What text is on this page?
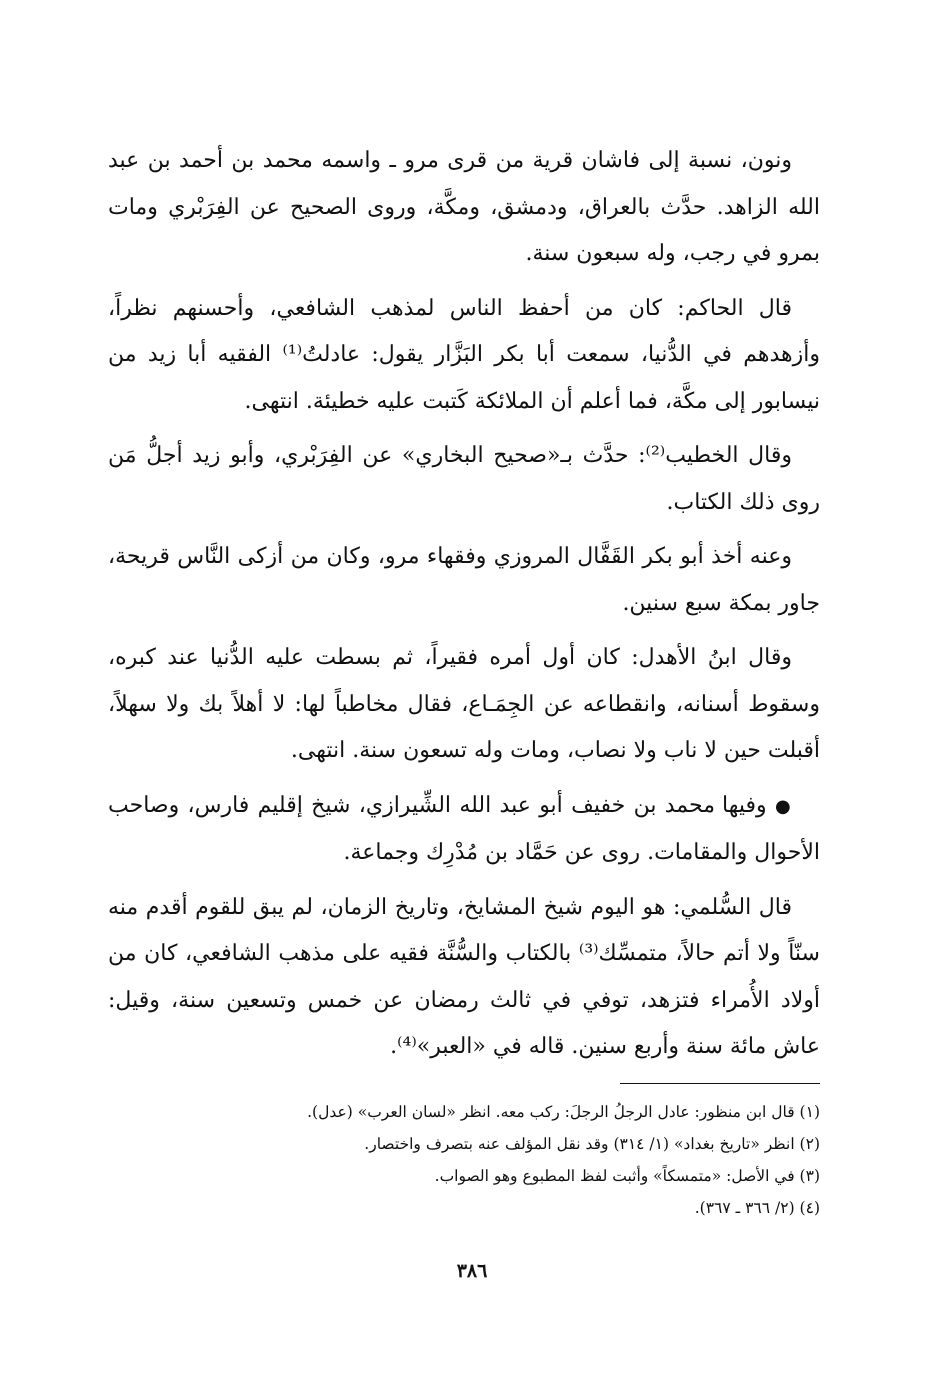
ونون، نسبة إلى فاشان قرية من قرى مرو ـ واسمه محمد بن أحمد بن عبد الله الزاهد. حدَّث بالعراق، ودمشق، ومكَّة، وروى الصحيح عن الفِرَبْري ومات بمرو في رجب، وله سبعون سنة.

قال الحاكم: كان من أحفظ الناس لمذهب الشافعي، وأحسنهم نظراً، وأزهدهم في الدُّنيا، سمعت أبا بكر البَزَّار يقول: عادلتُ⁽¹⁾ الفقيه أبا زيد من نيسابور إلى مكَّة، فما أعلم أن الملائكة كَتبت عليه خطيئة. انتهى.

وقال الخطيب⁽²⁾: حدَّث بـ«صحيح البخاري» عن الفِرَبْري، وأبو زيد أجلُّ مَن روى ذلك الكتاب.

وعنه أخذ أبو بكر القَفَّال المروزي وفقهاء مرو، وكان من أزكى النَّاس قريحة، جاور بمكة سبع سنين.

وقال ابنُ الأهدل: كان أول أمره فقيراً، ثم بسطت عليه الدُّنيا عند كبره، وسقوط أسنانه، وانقطاعه عن الجِمَـاع، فقال مخاطباً لها: لا أهلاً بك ولا سهلاً، أقبلت حين لا ناب ولا نصاب، ومات وله تسعون سنة. انتهى.

● وفيها محمد بن خفيف أبو عبد الله الشِّيرازي، شيخ إقليم فارس، وصاحب الأحوال والمقامات. روى عن حَمَّاد بن مُدْرِك وجماعة.

قال السُّلمي: هو اليوم شيخ المشايخ، وتاريخ الزمان، لم يبق للقوم أقدم منه سنّاً ولا أتم حالاً، متمسِّك⁽³⁾ بالكتاب والسُّنَّة فقيه على مذهب الشافعي، كان من أولاد الأُمراء فتزهد، توفي في ثالث رمضان عن خمس وتسعين سنة، وقيل: عاش مائة سنة وأربع سنين. قاله في «العبر»⁽⁴⁾.

(١) قال ابن منظور: عادل الرجلُ الرجلَ: ركب معه. انظر «لسان العرب» (عدل).
(٢) انظر «تاريخ بغداد» (١/ ٣١٤) وقد نقل المؤلف عنه بتصرف واختصار.
(٣) في الأصل: «متمسكاً» وأثبت لفظ المطبوع وهو الصواب.
(٤) (٢/ ٣٦٦ ـ ٣٦٧).
٣٨٦
